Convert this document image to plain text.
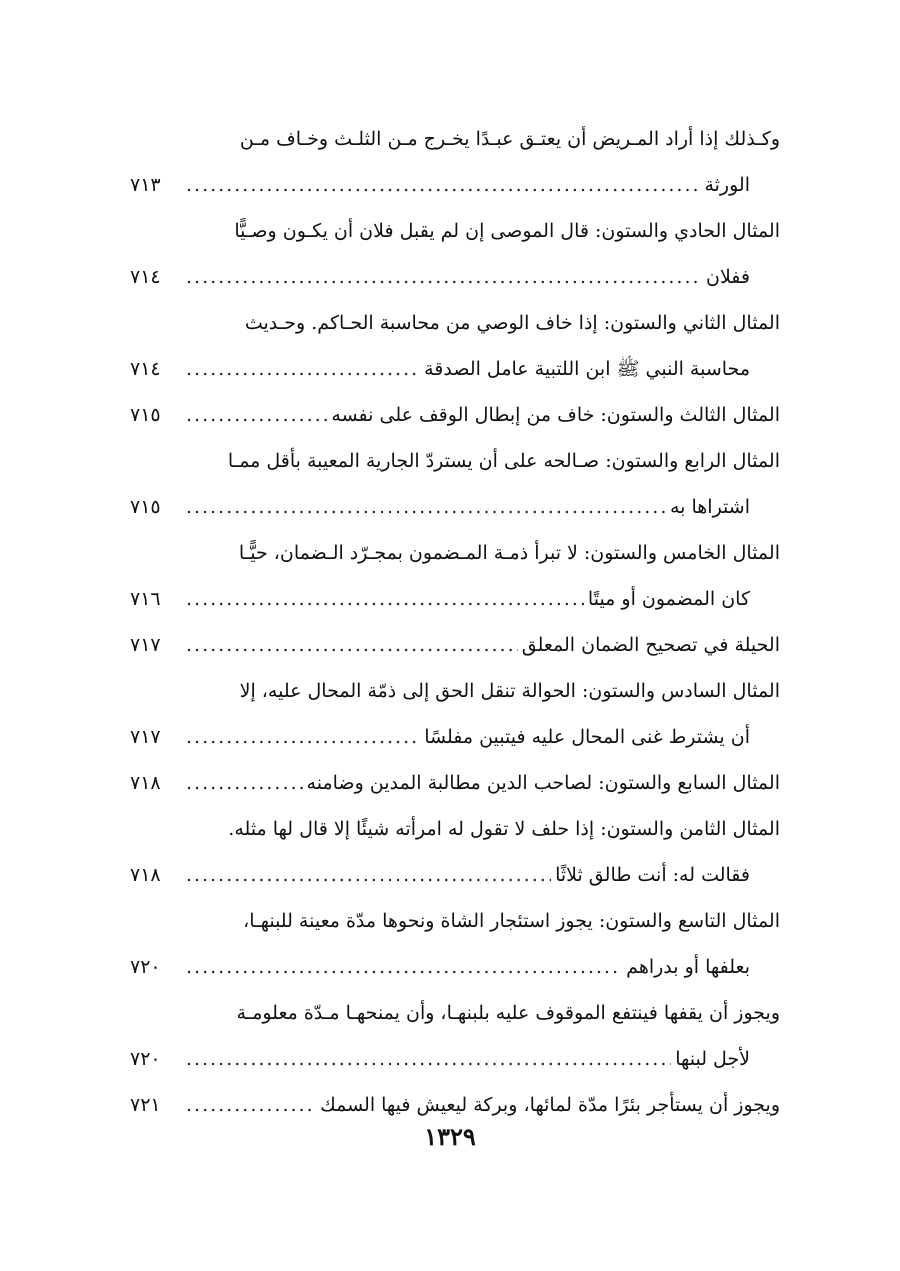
وكـذلك إذا أراد المـريض أن يعتـق عبـدًا يخـرج مـن الثلـث وخـاف مـن
الورثة
.....
٧١٣
المثال الحادي والستون: قال الموصى إن لم يقبل فلان أن يكـون وصـيًّا
ففلان
.....
٧١٤
المثال الثاني والستون: إذا خاف الوصي من محاسبة الحـاكم. وحـديث
محاسبة النبي ﷺ ابن اللتبية عامل الصدقة
.....
٧١٤
المثال الثالث والستون: خاف من إبطال الوقف على نفسه
.....
٧١٥
المثال الرابع والستون: صـالحه على أن يستردّ الجارية المعيبة بأقل ممـا
اشتراها به
.....
٧١٥
المثال الخامس والستون: لا تبرأ ذمـة المـضمون بمجـرّد الـضمان، حيًّـا
كان المضمون أو ميتًا
.....
٧١٦
الحيلة في تصحيح الضمان المعلق
.....
٧١٧
المثال السادس والستون: الحوالة تنقل الحق إلى ذمّة المحال عليه، إلا
أن يشترط غنى المحال عليه فيتبين مفلسًا
.....
٧١٧
المثال السابع والستون: لصاحب الدين مطالبة المدين وضامنه
.....
٧١٨
المثال الثامن والستون: إذا حلف لا تقول له امرأته شيئًا إلا قال لها مثله.
فقالت له: أنت طالق ثلاثًا
.....
٧١٨
المثال التاسع والستون: يجوز استئجار الشاة ونحوها مدّة معينة للبنهـا،
بعلفها أو بدراهم
.....
٧٢٠
ويجوز أن يقفها فينتفع الموقوف عليه بلبنهـا، وأن يمنحهـا مـدّة معلومـة
لأجل لبنها
.....
٧٢٠
ويجوز أن يستأجر بئرًا مدّة لمائها، وبركة ليعيش فيها السمك
.....
٧٢١
١٣٢٩
